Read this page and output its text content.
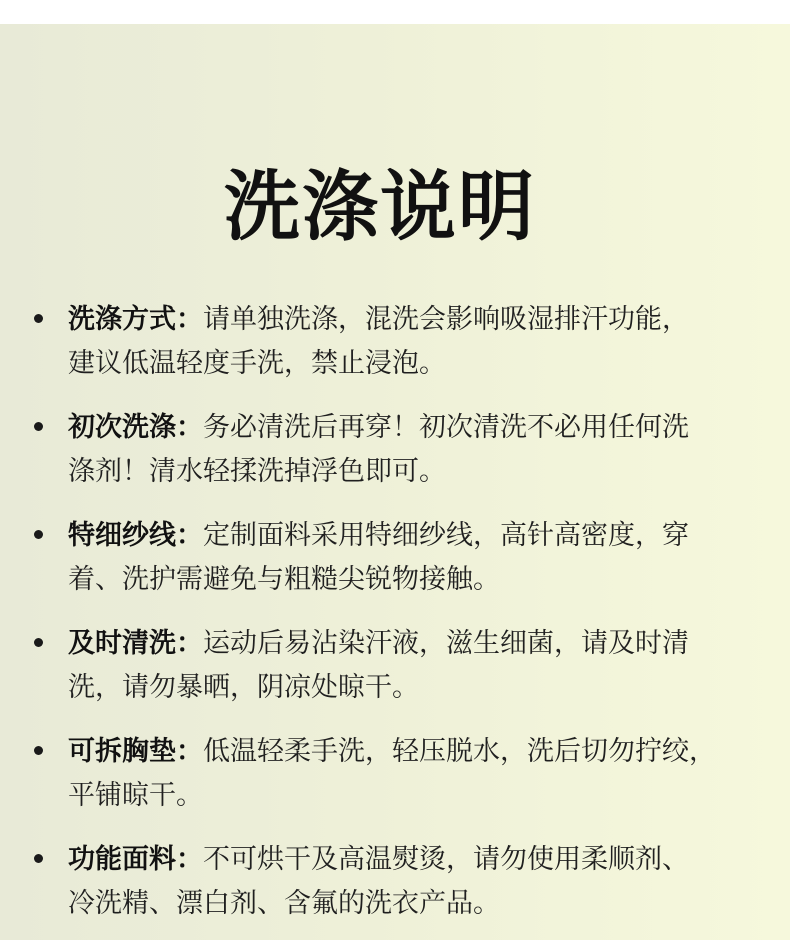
洗涤说明
洗涤方式：请单独洗涤，混洗会影响吸湿排汗功能，
建议低温轻度手洗，禁止浸泡。
初次洗涤：务必清洗后再穿！初次清洗不必用任何洗
涤剂！清水轻揉洗掉浮色即可。
特细纱线：定制面料采用特细纱线，高针高密度，穿
着、洗护需避免与粗糙尖锐物接触。
及时清洗：运动后易沾染汗液，滋生细菌，请及时清
洗，请勿暴晒，阴凉处晾干。
可拆胸垫：低温轻柔手洗，轻压脱水，洗后切勿拧绞，
平铺晾干。
功能面料：不可烘干及高温熨烫，请勿使用柔顺剂、
冷洗精、漂白剂、含氟的洗衣产品。
